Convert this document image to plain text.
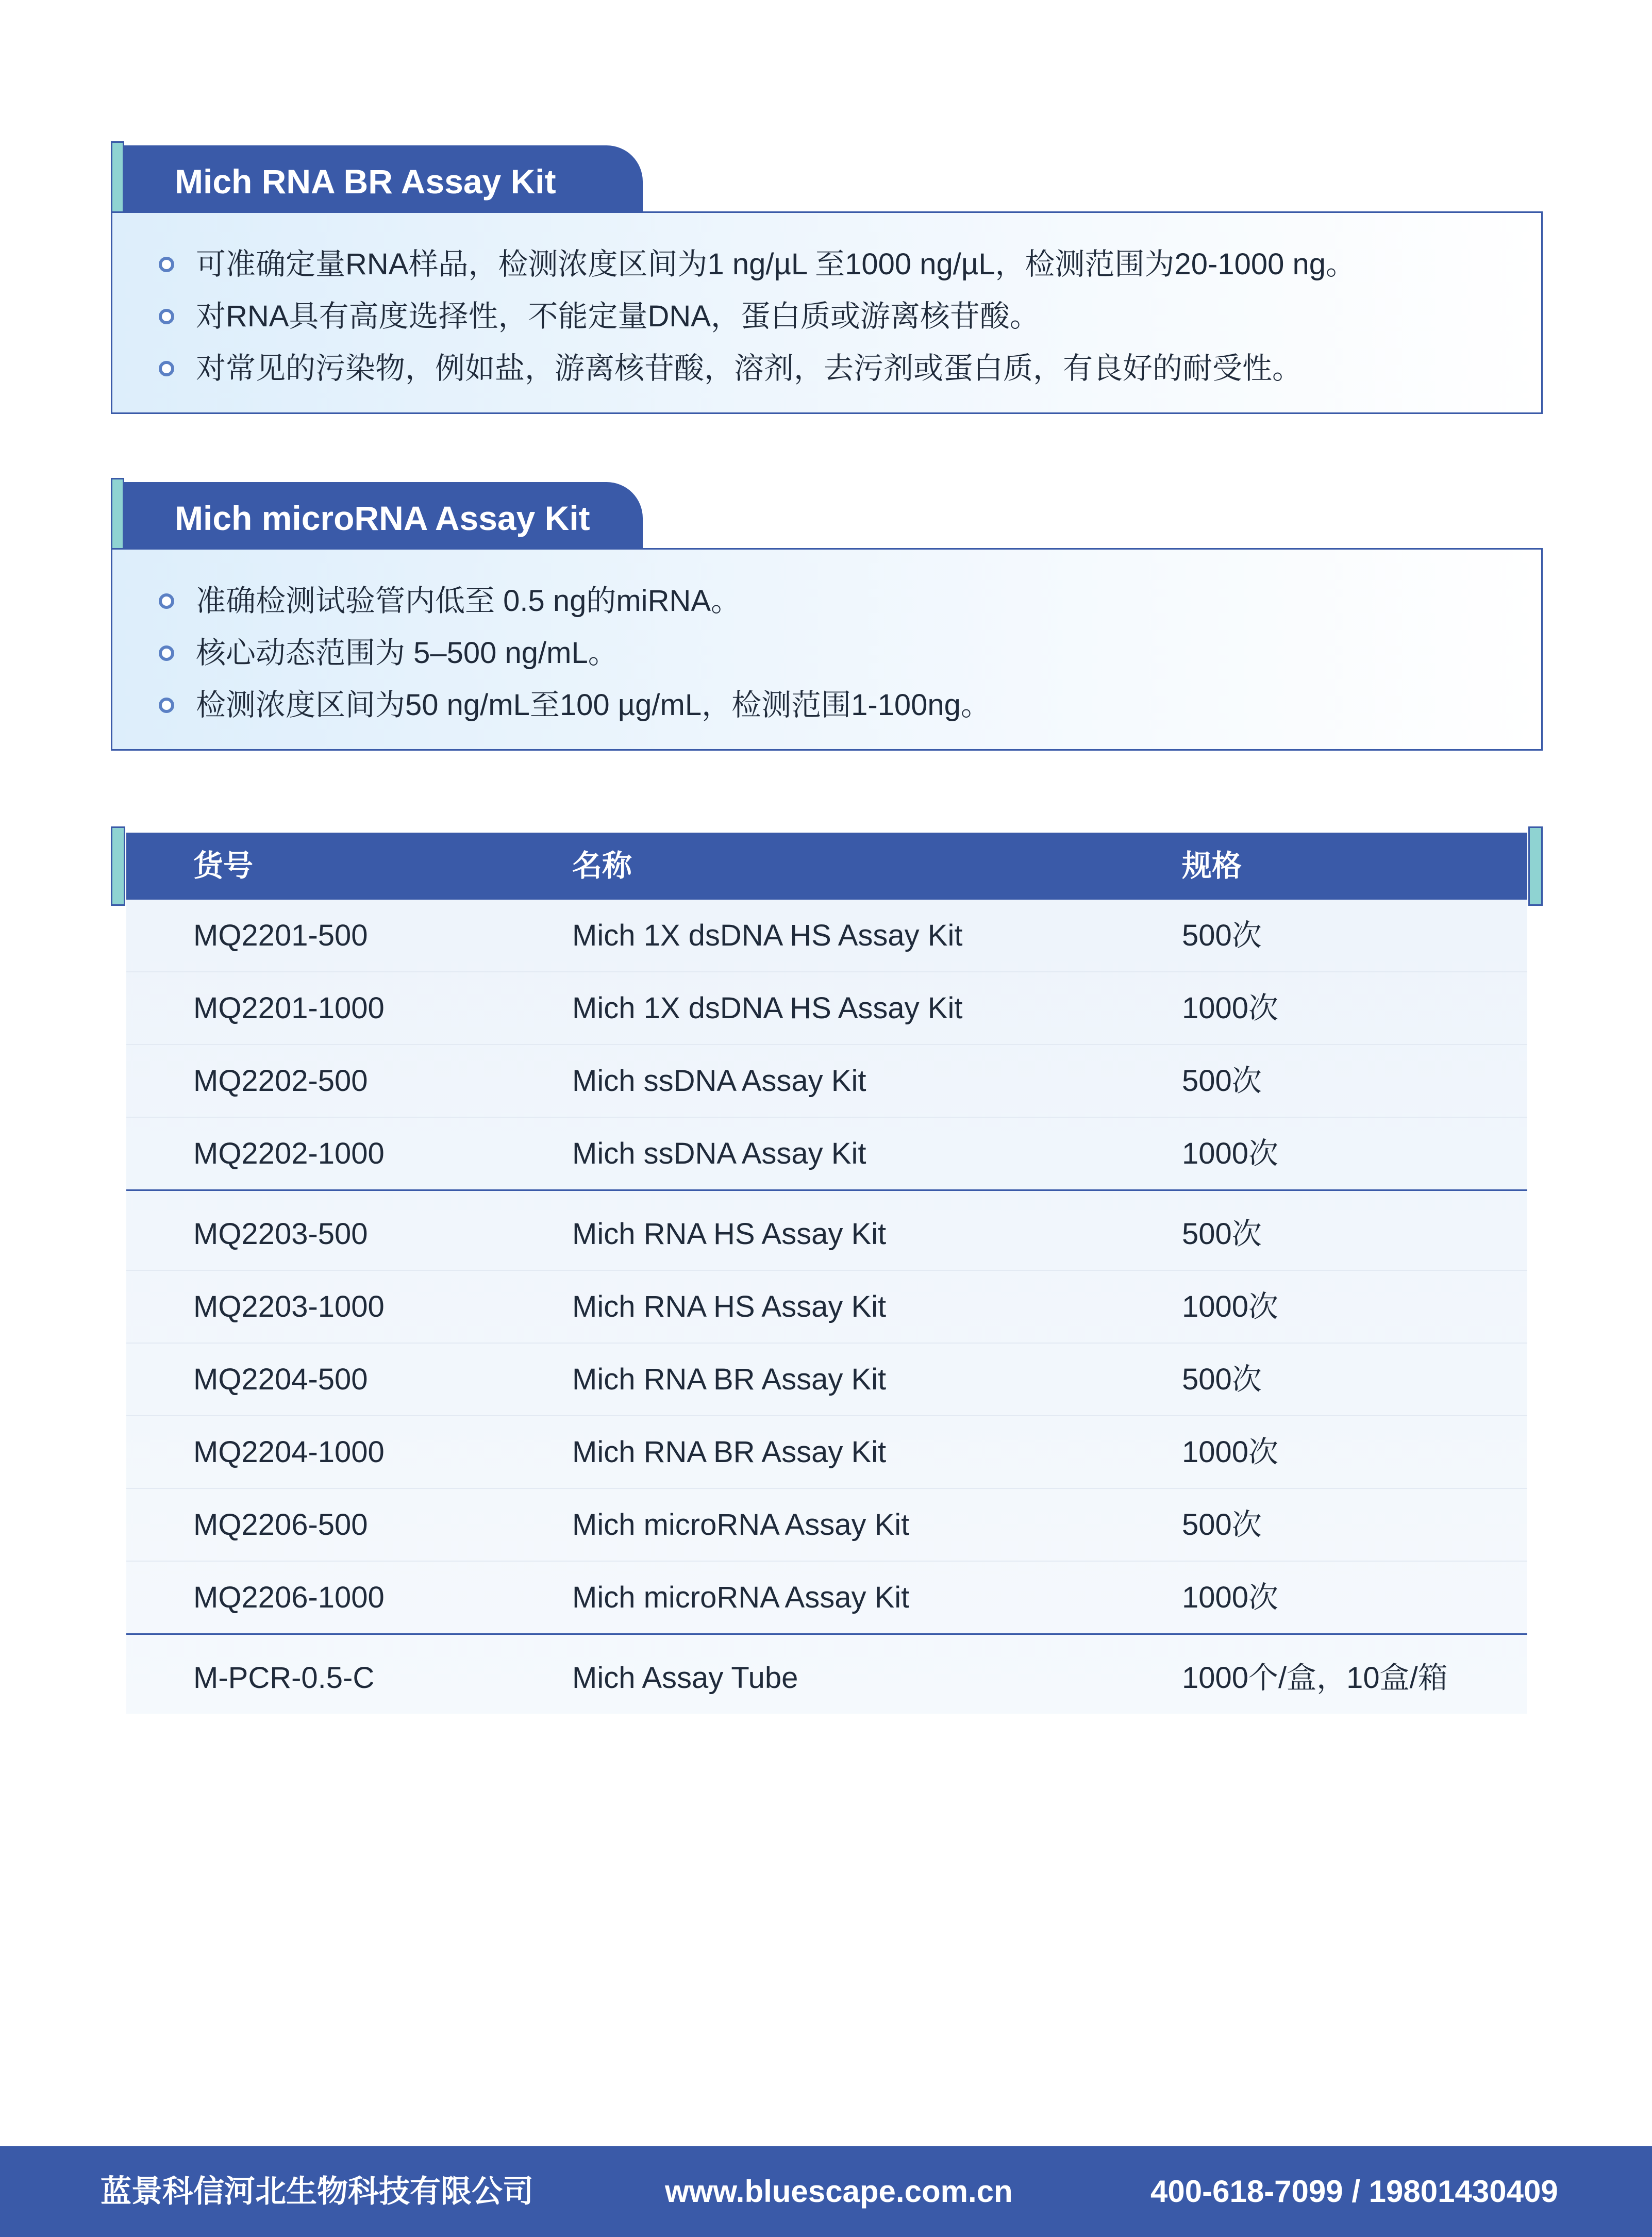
Mich RNA BR Assay Kit
可准确定量RNA样品，检测浓度区间为1 ng/µL 至1000 ng/µL，检测范围为20-1000 ng。
对RNA具有高度选择性，不能定量DNA，蛋白质或游离核苷酸。
对常见的污染物，例如盐，游离核苷酸，溶剂，去污剂或蛋白质，有良好的耐受性。
Mich microRNA Assay Kit
准确检测试验管内低至 0.5 ng的miRNA。
核心动态范围为 5–500 ng/mL。
检测浓度区间为50 ng/mL至100 µg/mL，检测范围1-100ng。
货号	名称	规格
MQ2201-500	Mich 1X dsDNA HS Assay Kit	500次
MQ2201-1000	Mich 1X dsDNA HS Assay Kit	1000次
MQ2202-500	Mich ssDNA Assay Kit	500次
MQ2202-1000	Mich ssDNA Assay Kit	1000次
MQ2203-500	Mich RNA HS Assay Kit	500次
MQ2203-1000	Mich RNA HS Assay Kit	1000次
MQ2204-500	Mich RNA BR Assay Kit	500次
MQ2204-1000	Mich RNA BR Assay Kit	1000次
MQ2206-500	Mich microRNA Assay Kit	500次
MQ2206-1000	Mich microRNA Assay Kit	1000次
M-PCR-0.5-C	Mich Assay Tube	1000个/盒，10盒/箱
蓝景科信河北生物科技有限公司	www.bluescape.com.cn	400-618-7099 / 19801430409
